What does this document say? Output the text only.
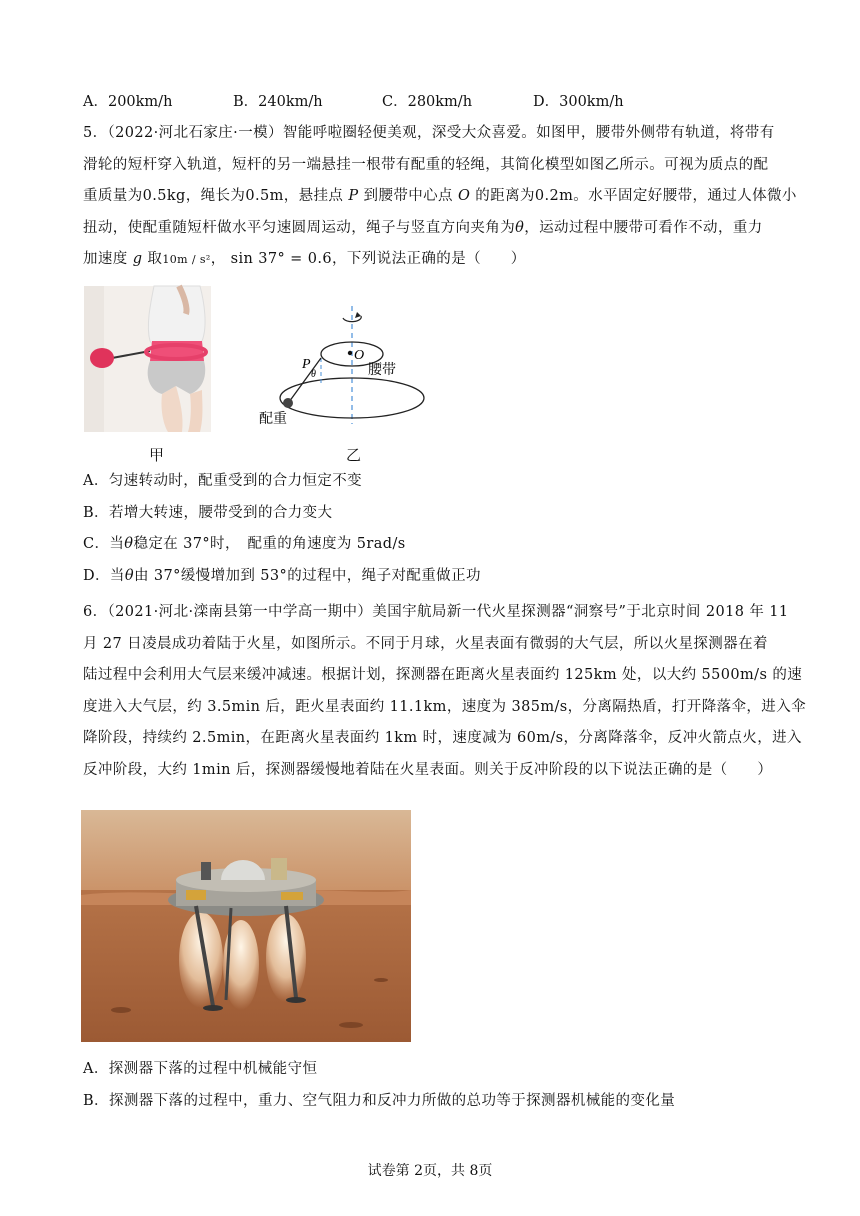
A．200km/h	B．240km/h	C．280km/h	D．300km/h
5．（2022·河北石家庄·一模）智能呼啦圈轻便美观，深受大众喜爱。如图甲，腰带外侧带有轨道，将带有
滑轮的短杆穿入轨道，短杆的另一端悬挂一根带有配重的轻绳，其简化模型如图乙所示。可视为质点的配
重质量为0.5kg，绳长为0.5m，悬挂点 P 到腰带中心点 O 的距离为0.2m。水平固定好腰带，通过人体微小
扭动，使配重随短杆做水平匀速圆周运动，绳子与竖直方向夹角为θ，运动过程中腰带可看作不动，重力
加速度 g 取10m / s²， sin 37° = 0.6，下列说法正确的是（　　）
甲
P
θ
O
腰带
配重
乙
A．匀速转动时，配重受到的合力恒定不变
B．若增大转速，腰带受到的合力变大
C．当θ稳定在 37°时，　配重的角速度为 5rad/s
D．当θ由 37°缓慢增加到 53°的过程中，绳子对配重做正功
6．（2021·河北·滦南县第一中学高一期中）美国宇航局新一代火星探测器“洞察号”于北京时间 2018 年 11
月 27 日凌晨成功着陆于火星，如图所示。不同于月球，火星表面有微弱的大气层，所以火星探测器在着
陆过程中会利用大气层来缓冲减速。根据计划，探测器在距离火星表面约 125km 处，以大约 5500m/s 的速
度进入大气层，约 3.5min 后，距火星表面约 11.1km，速度为 385m/s，分离隔热盾，打开降落伞，进入伞
降阶段，持续约 2.5min，在距离火星表面约 1km 时，速度减为 60m/s，分离降落伞，反冲火箭点火，进入
反冲阶段，大约 1min 后，探测器缓慢地着陆在火星表面。则关于反冲阶段的以下说法正确的是（　　）
A．探测器下落的过程中机械能守恒
B．探测器下落的过程中，重力、空气阻力和反冲力所做的总功等于探测器机械能的变化量
试卷第 2页，共 8页
